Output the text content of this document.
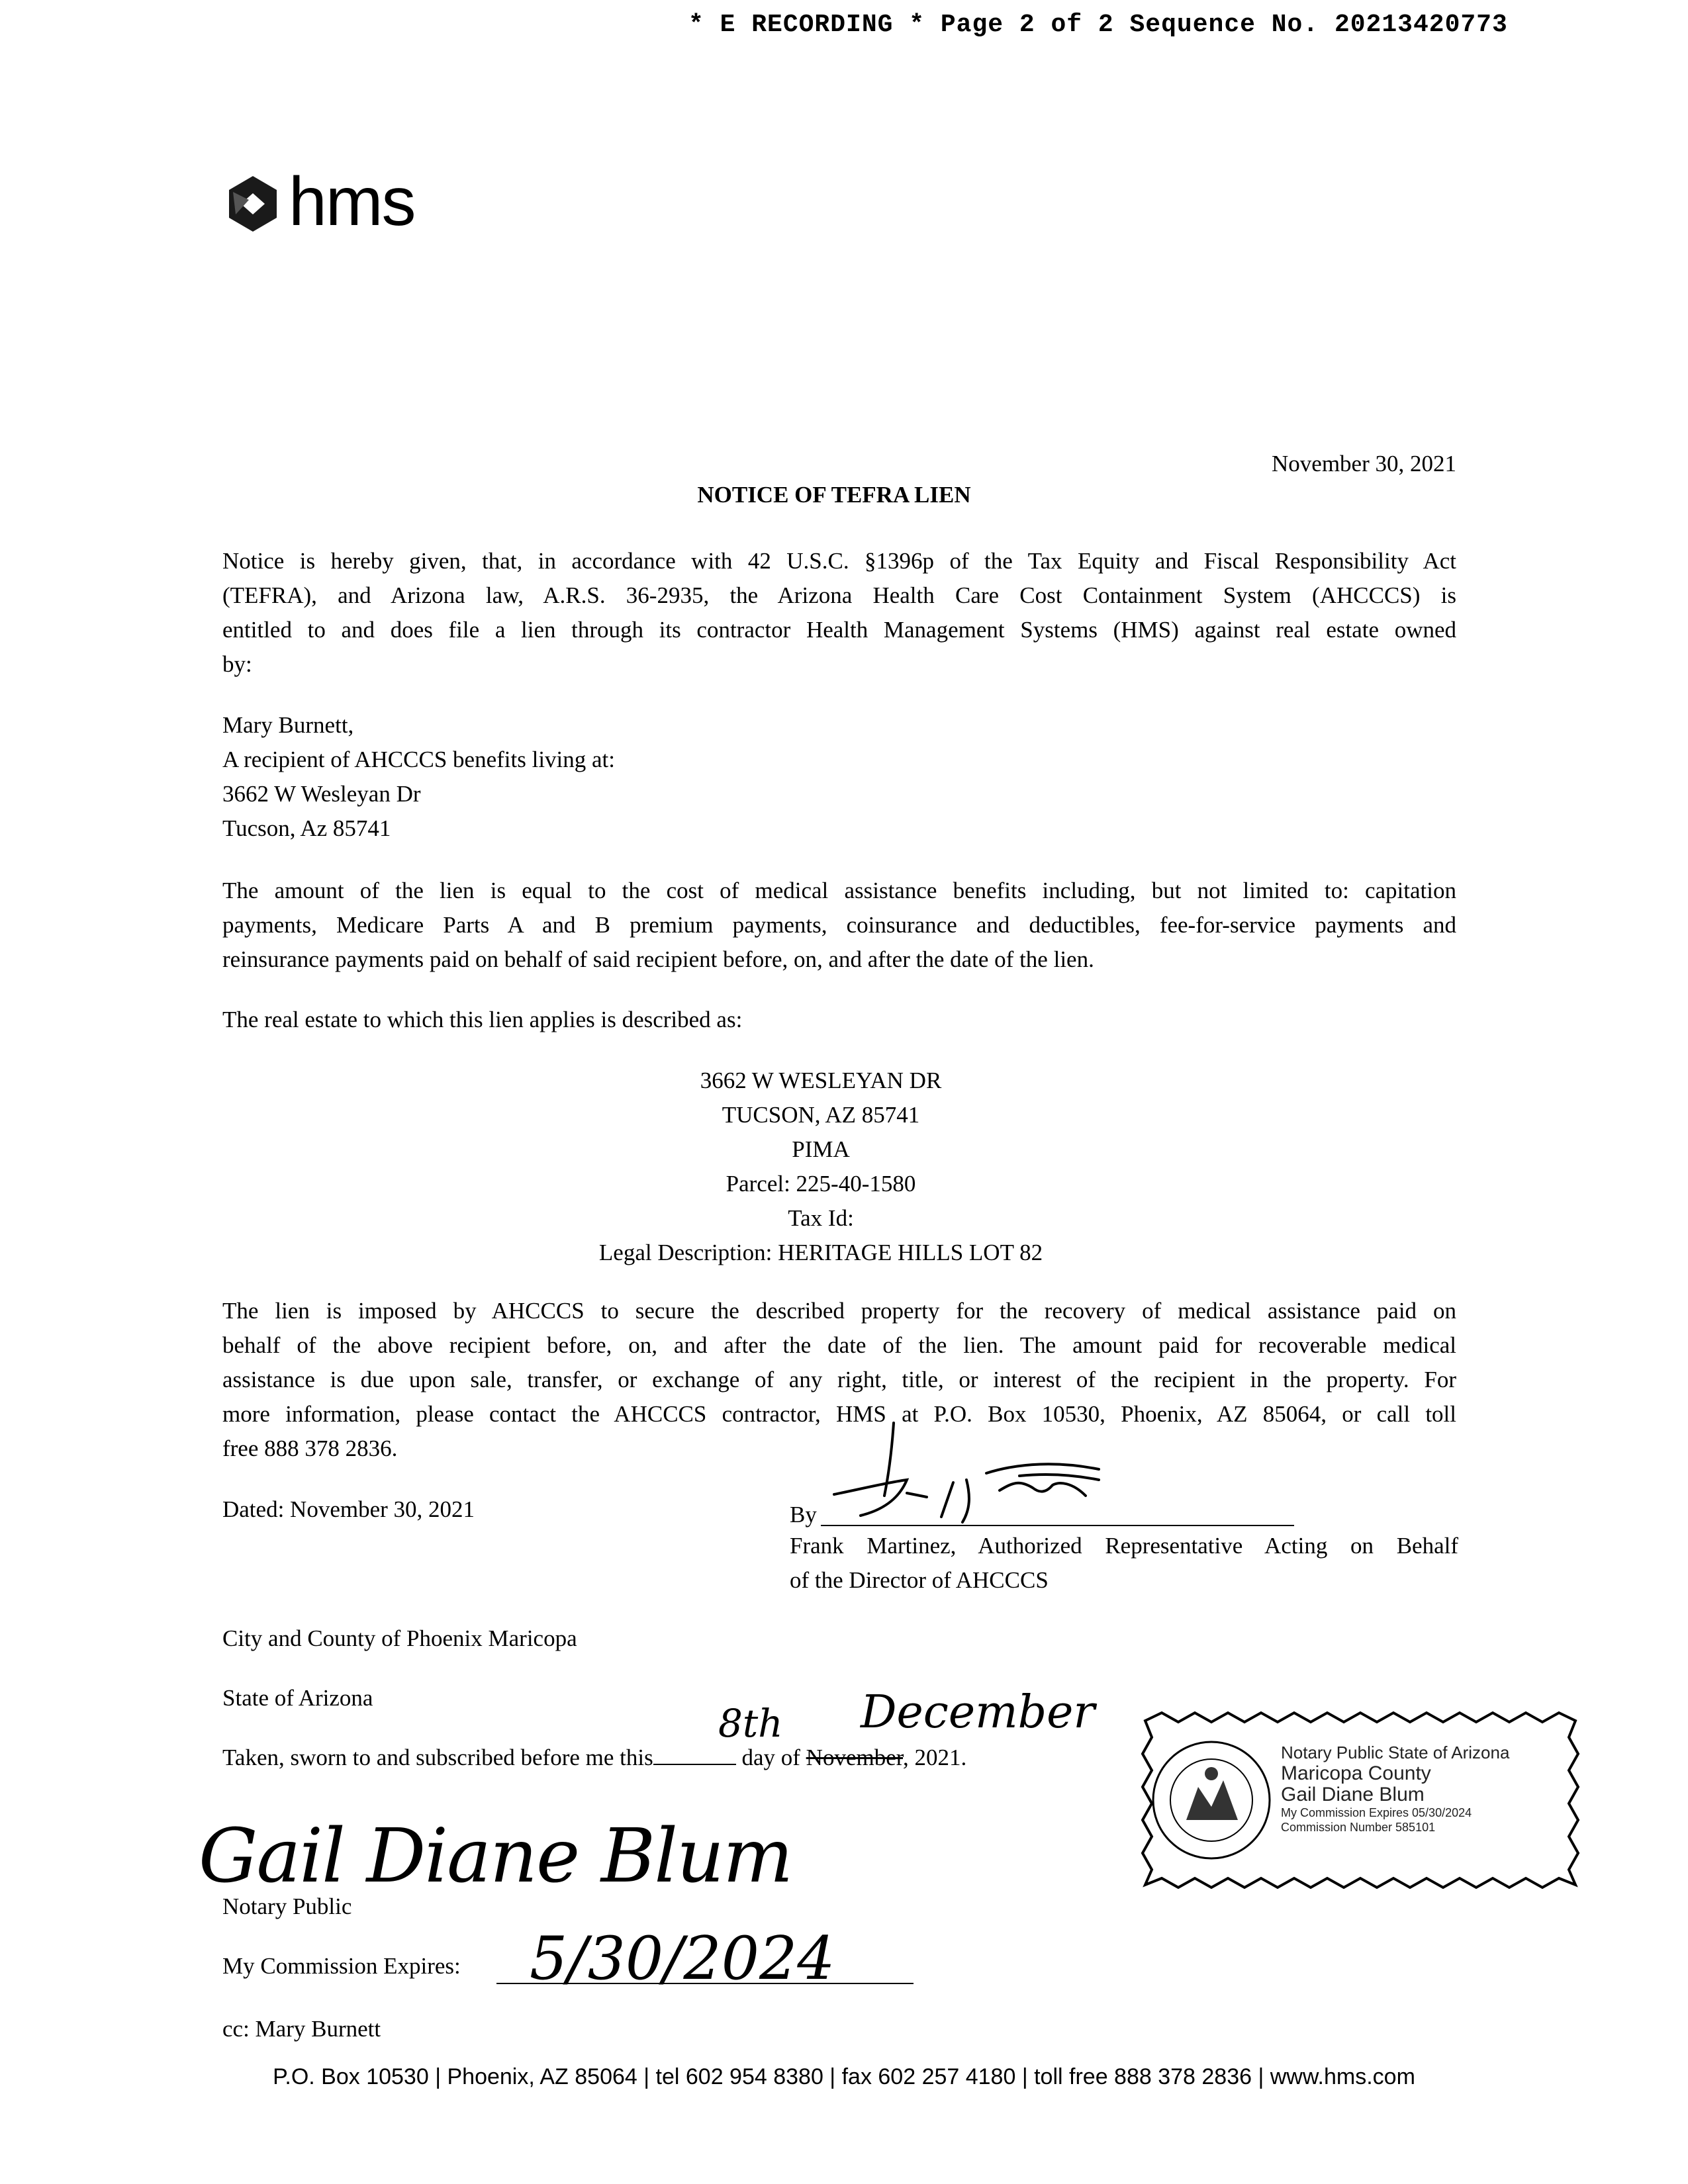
* E RECORDING * Page 2 of 2 Sequence No. 20213420773
hms
November 30, 2021
NOTICE OF TEFRA LIEN
Notice is hereby given, that, in accordance with 42 U.S.C. §1396p of the Tax Equity and Fiscal Responsibility Act
(TEFRA), and Arizona law, A.R.S. 36-2935, the Arizona Health Care Cost Containment System (AHCCCS) is
entitled to and does file a lien through its contractor Health Management Systems (HMS) against real estate owned
by:
Mary Burnett,
A recipient of AHCCCS benefits living at:
3662 W Wesleyan Dr
Tucson, Az 85741
The amount of the lien is equal to the cost of medical assistance benefits including, but not limited to: capitation
payments, Medicare Parts A and B premium payments, coinsurance and deductibles, fee-for-service payments and
reinsurance payments paid on behalf of said recipient before, on, and after the date of the lien.
The real estate to which this lien applies is described as:
3662 W WESLEYAN DR
TUCSON, AZ 85741
PIMA
Parcel: 225-40-1580
Tax Id:
Legal Description: HERITAGE HILLS LOT 82
The lien is imposed by AHCCCS to secure the described property for the recovery of medical assistance paid on
behalf of the above recipient before, on, and after the date of the lien. The amount paid for recoverable medical
assistance is due upon sale, transfer, or exchange of any right, title, or interest of the recipient in the property. For
more information, please contact the AHCCCS contractor, HMS at P.O. Box 10530, Phoenix, AZ 85064, or call toll
free 888 378 2836.
Dated: November 30, 2021	By
Frank Martinez, Authorized Representative Acting on Behalf
of the Director of AHCCCS
City and County of Phoenix Maricopa
State of Arizona
Taken, sworn to and subscribed before me this	day of November, 2021.
8th December
Gail Diane Blum
Notary Public
My Commission Expires: 5/30/2024
cc: Mary Burnett
Notary Public State of Arizona
Maricopa County
Gail Diane Blum
My Commission Expires 05/30/2024
Commission Number 585101
P.O. Box 10530 | Phoenix, AZ 85064 | tel 602 954 8380 | fax 602 257 4180 | toll free 888 378 2836 | www.hms.com
